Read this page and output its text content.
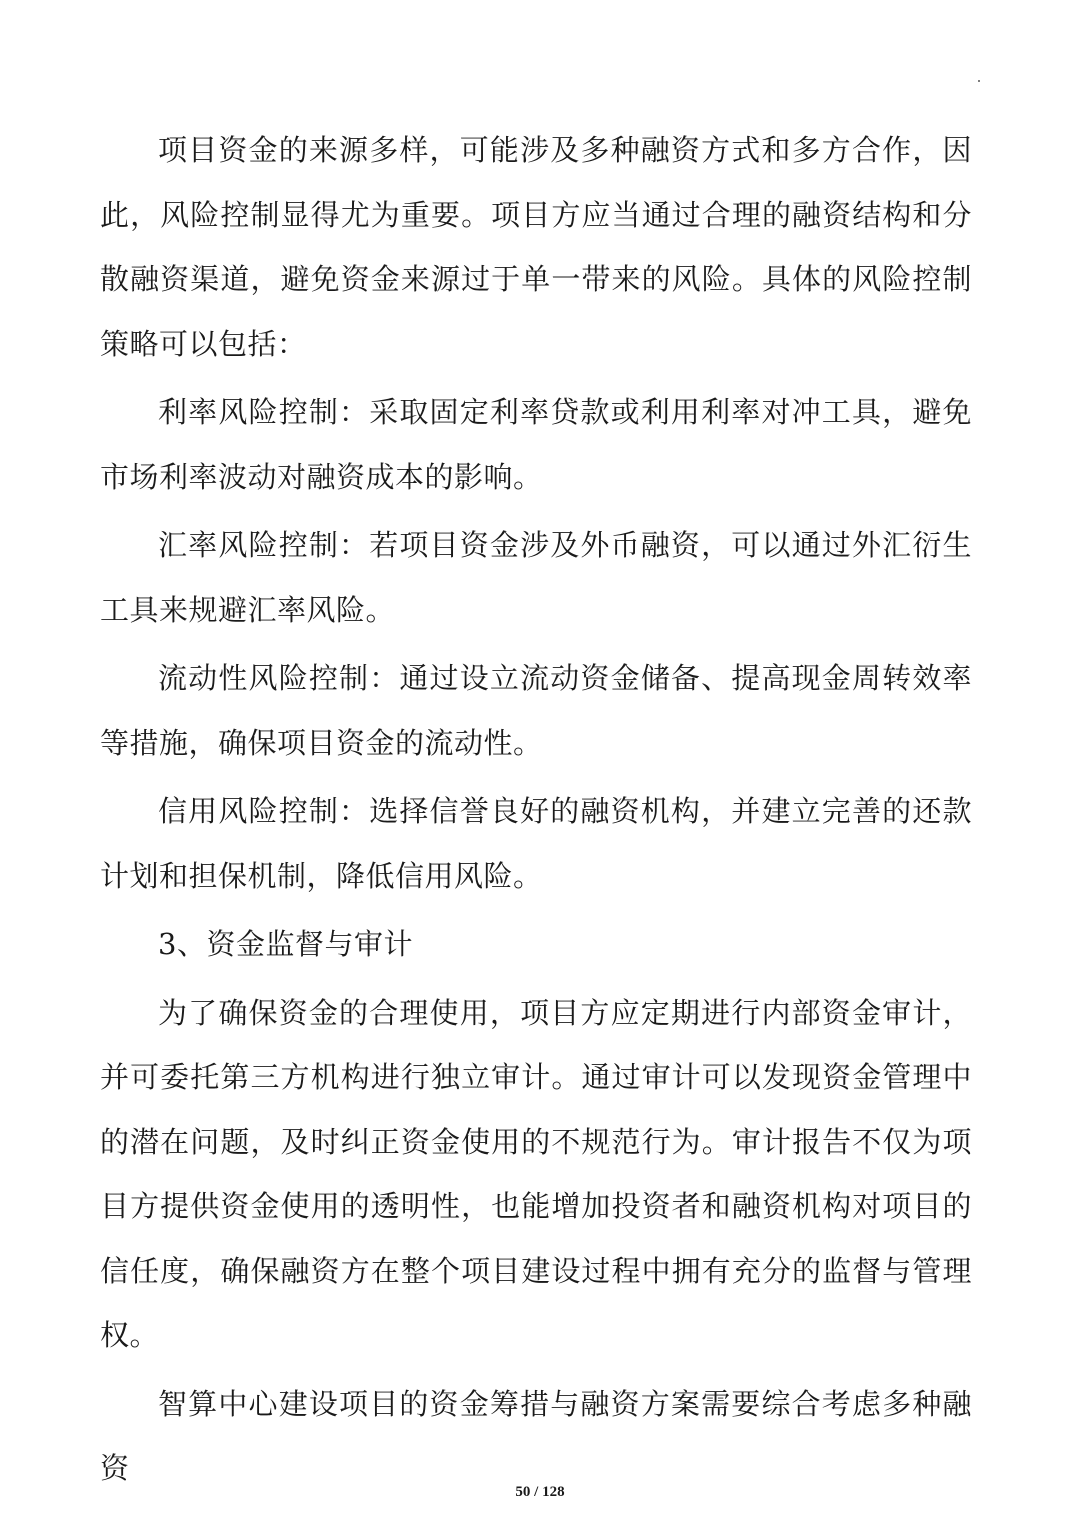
项目资金的来源多样，可能涉及多种融资方式和多方合作，因此，风险控制显得尤为重要。项目方应当通过合理的融资结构和分散融资渠道，避免资金来源过于单一带来的风险。具体的风险控制策略可以包括：

利率风险控制：采取固定利率贷款或利用利率对冲工具，避免市场利率波动对融资成本的影响。

汇率风险控制：若项目资金涉及外币融资，可以通过外汇衍生工具来规避汇率风险。

流动性风险控制：通过设立流动资金储备、提高现金周转效率等措施，确保项目资金的流动性。

信用风险控制：选择信誉良好的融资机构，并建立完善的还款计划和担保机制，降低信用风险。

3、资金监督与审计

为了确保资金的合理使用，项目方应定期进行内部资金审计，并可委托第三方机构进行独立审计。通过审计可以发现资金管理中的潜在问题，及时纠正资金使用的不规范行为。审计报告不仅为项目方提供资金使用的透明性，也能增加投资者和融资机构对项目的信任度，确保融资方在整个项目建设过程中拥有充分的监督与管理权。

智算中心建设项目的资金筹措与融资方案需要综合考虑多种融资

50 / 128
